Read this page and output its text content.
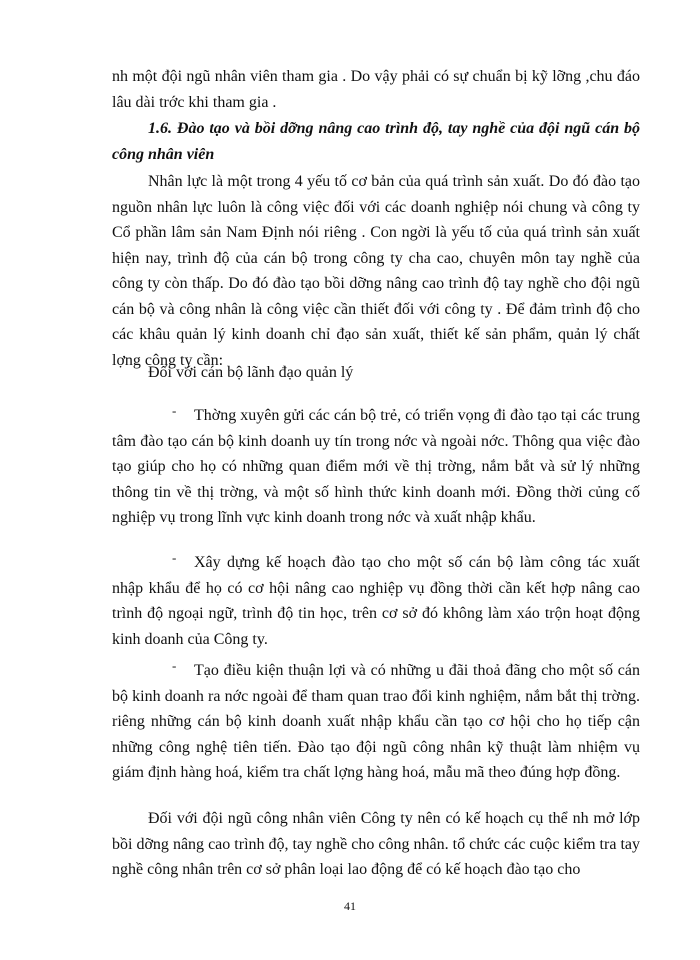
nh một đội ngũ nhân viên tham gia . Do vậy phải có sự chuẩn bị kỹ lỡng ,chu đáo lâu dài trớc khi tham gia .

1.6. Đào tạo và bồi dỡng nâng cao trình độ, tay nghề của đội ngũ cán bộ công nhân viên

Nhân lực là một trong 4 yếu tố cơ bản của quá trình sản xuất. Do đó đào tạo nguồn nhân lực luôn là công việc đối với các doanh nghiệp nói chung và công ty Cổ phần lâm sản Nam Định nói riêng . Con ngời là yếu tố của quá trình sản xuất hiện nay, trình độ của cán bộ trong công ty cha cao, chuyên môn tay nghề của công ty còn thấp. Do đó đào tạo bồi dỡng nâng cao trình độ tay nghề cho đội ngũ cán bộ và công nhân là công việc cần thiết đối với công ty . Để đảm trình độ cho các khâu quản lý kinh doanh chỉ đạo sản xuất, thiết kế sản phẩm, quản lý chất lợng công ty cần:

Đối với cán bộ lãnh đạo quản lý

-	Thờng xuyên gửi các cán bộ trẻ, có triển vọng đi đào tạo tại các trung tâm đào tạo cán bộ kinh doanh uy tín trong nớc và ngoài nớc. Thông qua việc đào tạo giúp cho họ có những quan điểm mới về thị trờng, nắm bắt và sử lý những thông tin về thị trờng, và một số hình thức kinh doanh mới. Đồng thời củng cố nghiệp vụ trong lĩnh vực kinh doanh trong nớc và xuất nhập khẩu.

-	Xây dựng kế hoạch đào tạo cho một số cán bộ làm công tác xuất nhập khẩu để họ có cơ hội nâng cao nghiệp vụ đồng thời cần kết hợp nâng cao trình độ ngoại ngữ, trình độ tin học, trên cơ sở đó không làm xáo trộn hoạt động kinh doanh của Công ty.

-	Tạo điều kiện thuận lợi và có những u đãi thoả đãng cho một số cán bộ kinh doanh ra nớc ngoài để tham quan trao đổi kinh nghiệm, nắm bắt thị trờng. riêng những cán bộ kinh doanh xuất nhập khẩu cần tạo cơ hội cho họ tiếp cận những công nghệ tiên tiến. Đào tạo đội ngũ công nhân kỹ thuật làm nhiệm vụ giám định hàng hoá, kiểm tra chất lợng hàng hoá, mẫu mã theo đúng hợp đồng.

Đối với đội ngũ công nhân viên Công ty nên có kế hoạch cụ thể nh mở lớp bồi dỡng nâng cao trình độ, tay nghề cho công nhân. tổ chức các cuộc kiểm tra tay nghề công nhân trên cơ sở phân loại lao động để có kế hoạch đào tạo cho

41
